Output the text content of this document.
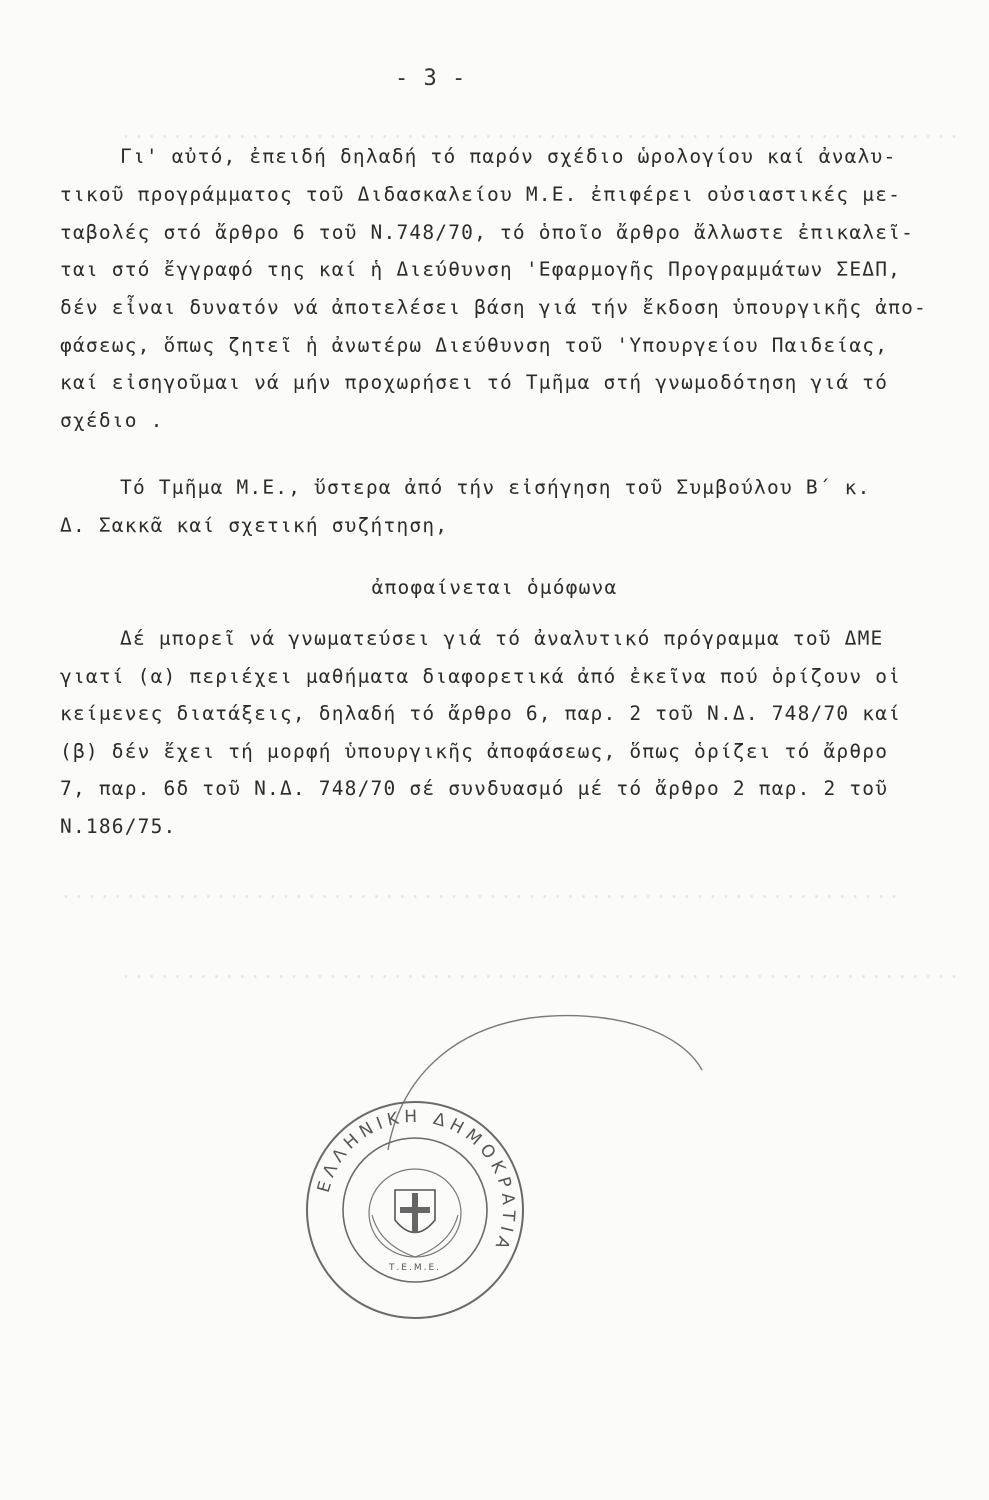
.................................................................
.................................................................
.................................................................
- 3 -
Γι' αὐτό, ἐπειδή δηλαδή τό παρόν σχέδιο ὡρολογίου καί ἀναλυ-
τικοῦ προγράμματος τοῦ Διδασκαλείου Μ.Ε. ἐπιφέρει οὐσιαστικές με-
ταβολές στό ἄρθρο 6 τοῦ Ν.748/70, τό ὁποῖο ἄρθρο ἄλλωστε ἐπικαλεῖ-
ται στό ἔγγραφό της καί ἡ Διεύθυνση 'Εφαρμογῆς Προγραμμάτων ΣΕΔΠ,
δέν εἶναι δυνατόν νά ἀποτελέσει βάση γιά τήν ἔκδοση ὑπουργικῆς ἀπο-
φάσεως, ὅπως ζητεῖ ἡ ἀνωτέρω Διεύθυνση τοῦ 'Υπουργείου Παιδείας,
καί εἰσηγοῦμαι νά μήν προχωρήσει τό Τμῆμα στή γνωμοδότηση γιά τό
σχέδιο .
Τό Τμῆμα Μ.Ε., ὕστερα ἀπό τήν εἰσήγηση τοῦ Συμβούλου Β΄ κ.
Δ. Σακκᾶ καί σχετική συζήτηση,
ἀποφαίνεται ὁμόφωνα
Δέ μπορεῖ νά γνωματεύσει γιά τό ἀναλυτικό πρόγραμμα τοῦ ΔΜΕ
γιατί (α) περιέχει μαθήματα διαφορετικά ἀπό ἐκεῖνα πού ὁρίζουν οἱ
κείμενες διατάξεις, δηλαδή τό ἄρθρο 6, παρ. 2 τοῦ Ν.Δ. 748/70 καί
(β) δέν ἔχει τή μορφή ὑπουργικῆς ἀποφάσεως, ὅπως ὁρίζει τό ἄρθρο
7, παρ. 6δ τοῦ Ν.Δ. 748/70 σέ συνδυασμό μέ τό ἄρθρο 2 παρ. 2 τοῦ
Ν.186/75.
ΕΛΛΗΝΙΚΗ ΔΗΜΟΚΡΑΤΙΑ
Τ.Ε.Μ.Ε.
